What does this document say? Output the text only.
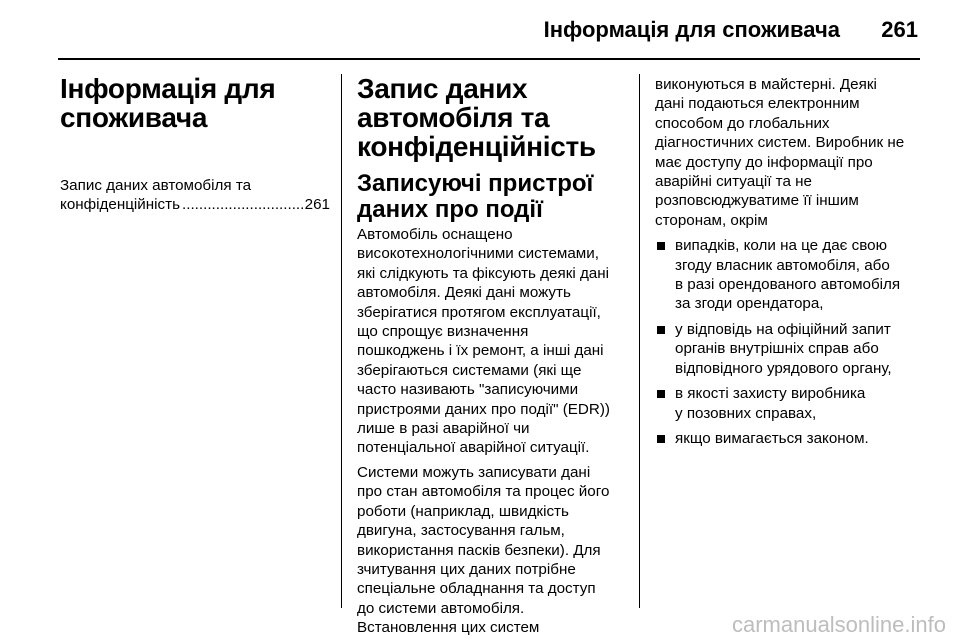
Інформація для споживача	261
Інформація для
споживача
Запис даних автомобіля та
конфіденційність
.....	261
Запис даних
автомобіля та
конфіденційність
Записуючі пристрої
даних про події
Автомобіль оснащено
високотехнологічними системами,
які слідкують та фіксують деякі дані
автомобіля. Деякі дані можуть
зберігатися протягом експлуатації,
що спрощує визначення
пошкоджень і їх ремонт, а інші дані
зберігаються системами (які ще
часто називають "записуючими
пристроями даних про події" (EDR))
лише в разі аварійної чи
потенціальної аварійної ситуації.
Системи можуть записувати дані
про стан автомобіля та процес його
роботи (наприклад, швидкість
двигуна, застосування гальм,
використання пасків безпеки). Для
зчитування цих даних потрібне
спеціальне обладнання та доступ
до системи автомобіля.
Встановлення цих систем
виконуються в майстерні. Деякі
дані подаються електронним
способом до глобальних
діагностичних систем. Виробник не
має доступу до інформації про
аварійні ситуації та не
розповсюджуватиме її іншим
сторонам, окрім
випадків, коли на це дає свою
згоду власник автомобіля, або
в разі орендованого автомобіля
за згоди орендатора,
у відповідь на офіційний запит
органів внутрішніх справ або
відповідного урядового органу,
в якості захисту виробника
у позовних справах,
якщо вимагається законом.
carmanualsonline.info
